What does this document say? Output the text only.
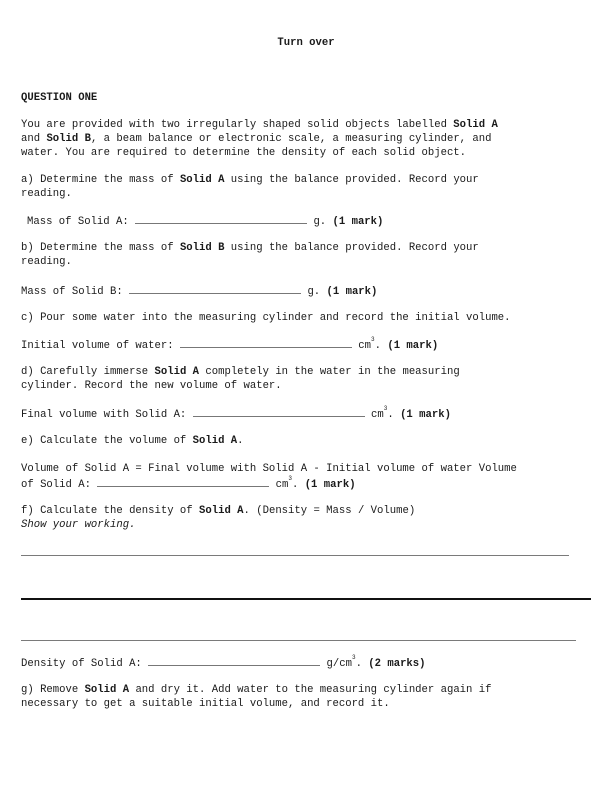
Turn over
QUESTION ONE
You are provided with two irregularly shaped solid objects labelled Solid A
and Solid B, a beam balance or electronic scale, a measuring cylinder, and
water. You are required to determine the density of each solid object.
a) Determine the mass of Solid A using the balance provided. Record your
reading.
Mass of Solid A:	g. (1 mark)
b) Determine the mass of Solid B using the balance provided. Record your
reading.
Mass of Solid B:	g. (1 mark)
c) Pour some water into the measuring cylinder and record the initial volume.
Initial volume of water:	$cm^3$. (1 mark)
d) Carefully immerse Solid A completely in the water in the measuring
cylinder. Record the new volume of water.
Final volume with Solid A:	$cm^3$. (1 mark)
e) Calculate the volume of Solid A.
Volume of Solid A = Final volume with Solid A - Initial volume of water Volume
of Solid A:	$cm^3$. (1 mark)
f) Calculate the density of Solid A. (Density = Mass / Volume)
Show your working.
Density of Solid A:	$g/cm^3$. (2 marks)
g) Remove Solid A and dry it. Add water to the measuring cylinder again if
necessary to get a suitable initial volume, and record it.
